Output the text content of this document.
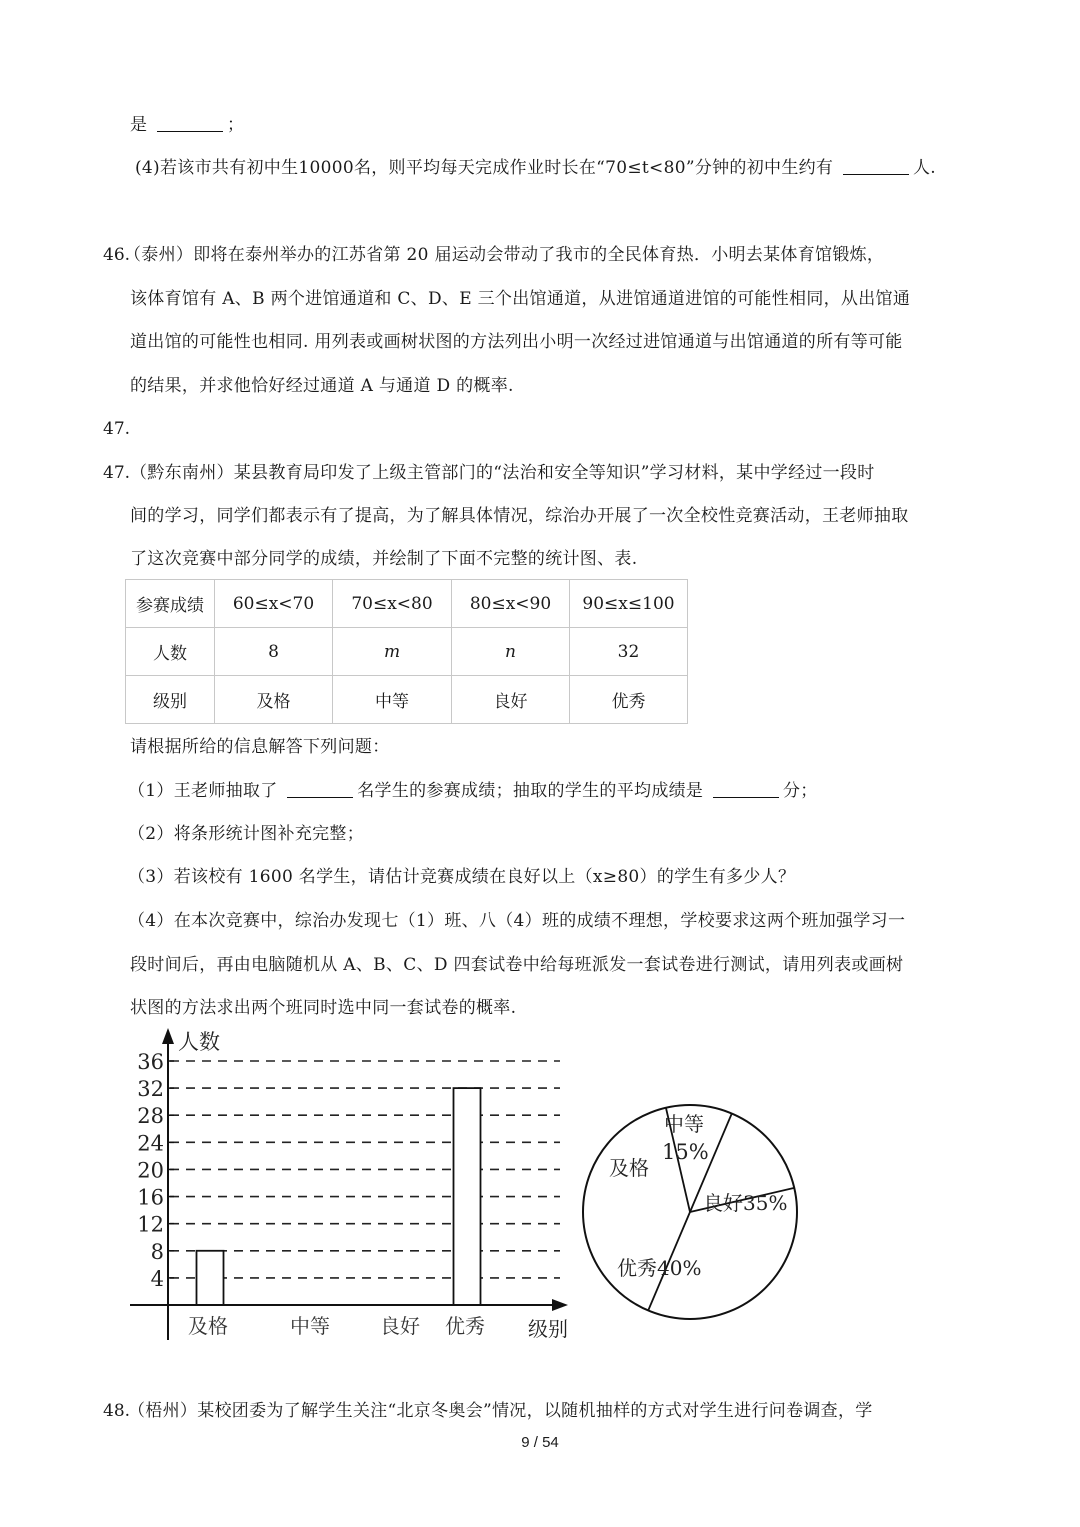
是	；
(4)若该市共有初中生10000名，则平均每天完成作业时长在“70≤t<80”分钟的初中生约有	人.
46.
（泰州）即将在泰州举办的江苏省第 20 届运动会带动了我市的全民体育热．小明去某体育馆锻炼，
该体育馆有 A、B 两个进馆通道和 C、D、E 三个出馆通道，从进馆通道进馆的可能性相同，从出馆通
道出馆的可能性也相同. 用列表或画树状图的方法列出小明一次经过进馆通道与出馆通道的所有等可能
的结果，并求他恰好经过通道 A 与通道 D 的概率.
47.
47. （黔东南州）某县教育局印发了上级主管部门的“法治和安全等知识”学习材料，某中学经过一段时
间的学习，同学们都表示有了提高，为了解具体情况，综治办开展了一次全校性竞赛活动，王老师抽取
了这次竞赛中部分同学的成绩，并绘制了下面不完整的统计图、表.
参赛成绩	60≤x<70	70≤x<80	80≤x<90	90≤x≤100
人数	8	m	n	32
级别	及格	中等	良好	优秀
请根据所给的信息解答下列问题：
（1）王老师抽取了	名学生的参赛成绩；抽取的学生的平均成绩是	分；
（2）将条形统计图补充完整；
（3）若该校有 1600 名学生，请估计竞赛成绩在良好以上（x≥80）的学生有多少人？
（4）在本次竞赛中，综治办发现七（1）班、八（4）班的成绩不理想，学校要求这两个班加强学习一
段时间后，再由电脑随机从 A、B、C、D 四套试卷中给每班派发一套试卷进行测试，请用列表或画树
状图的方法求出两个班同时选中同一套试卷的概率.
4
8
12
16
20
24
28
32
36
及格	中等	良好 优秀
人数
级别
中等
15%
良好35%
优秀40%
及格
48.
（梧州）某校团委为了解学生关注“北京冬奥会”情况，以随机抽样的方式对学生进行问卷调查，学
9 / 54
